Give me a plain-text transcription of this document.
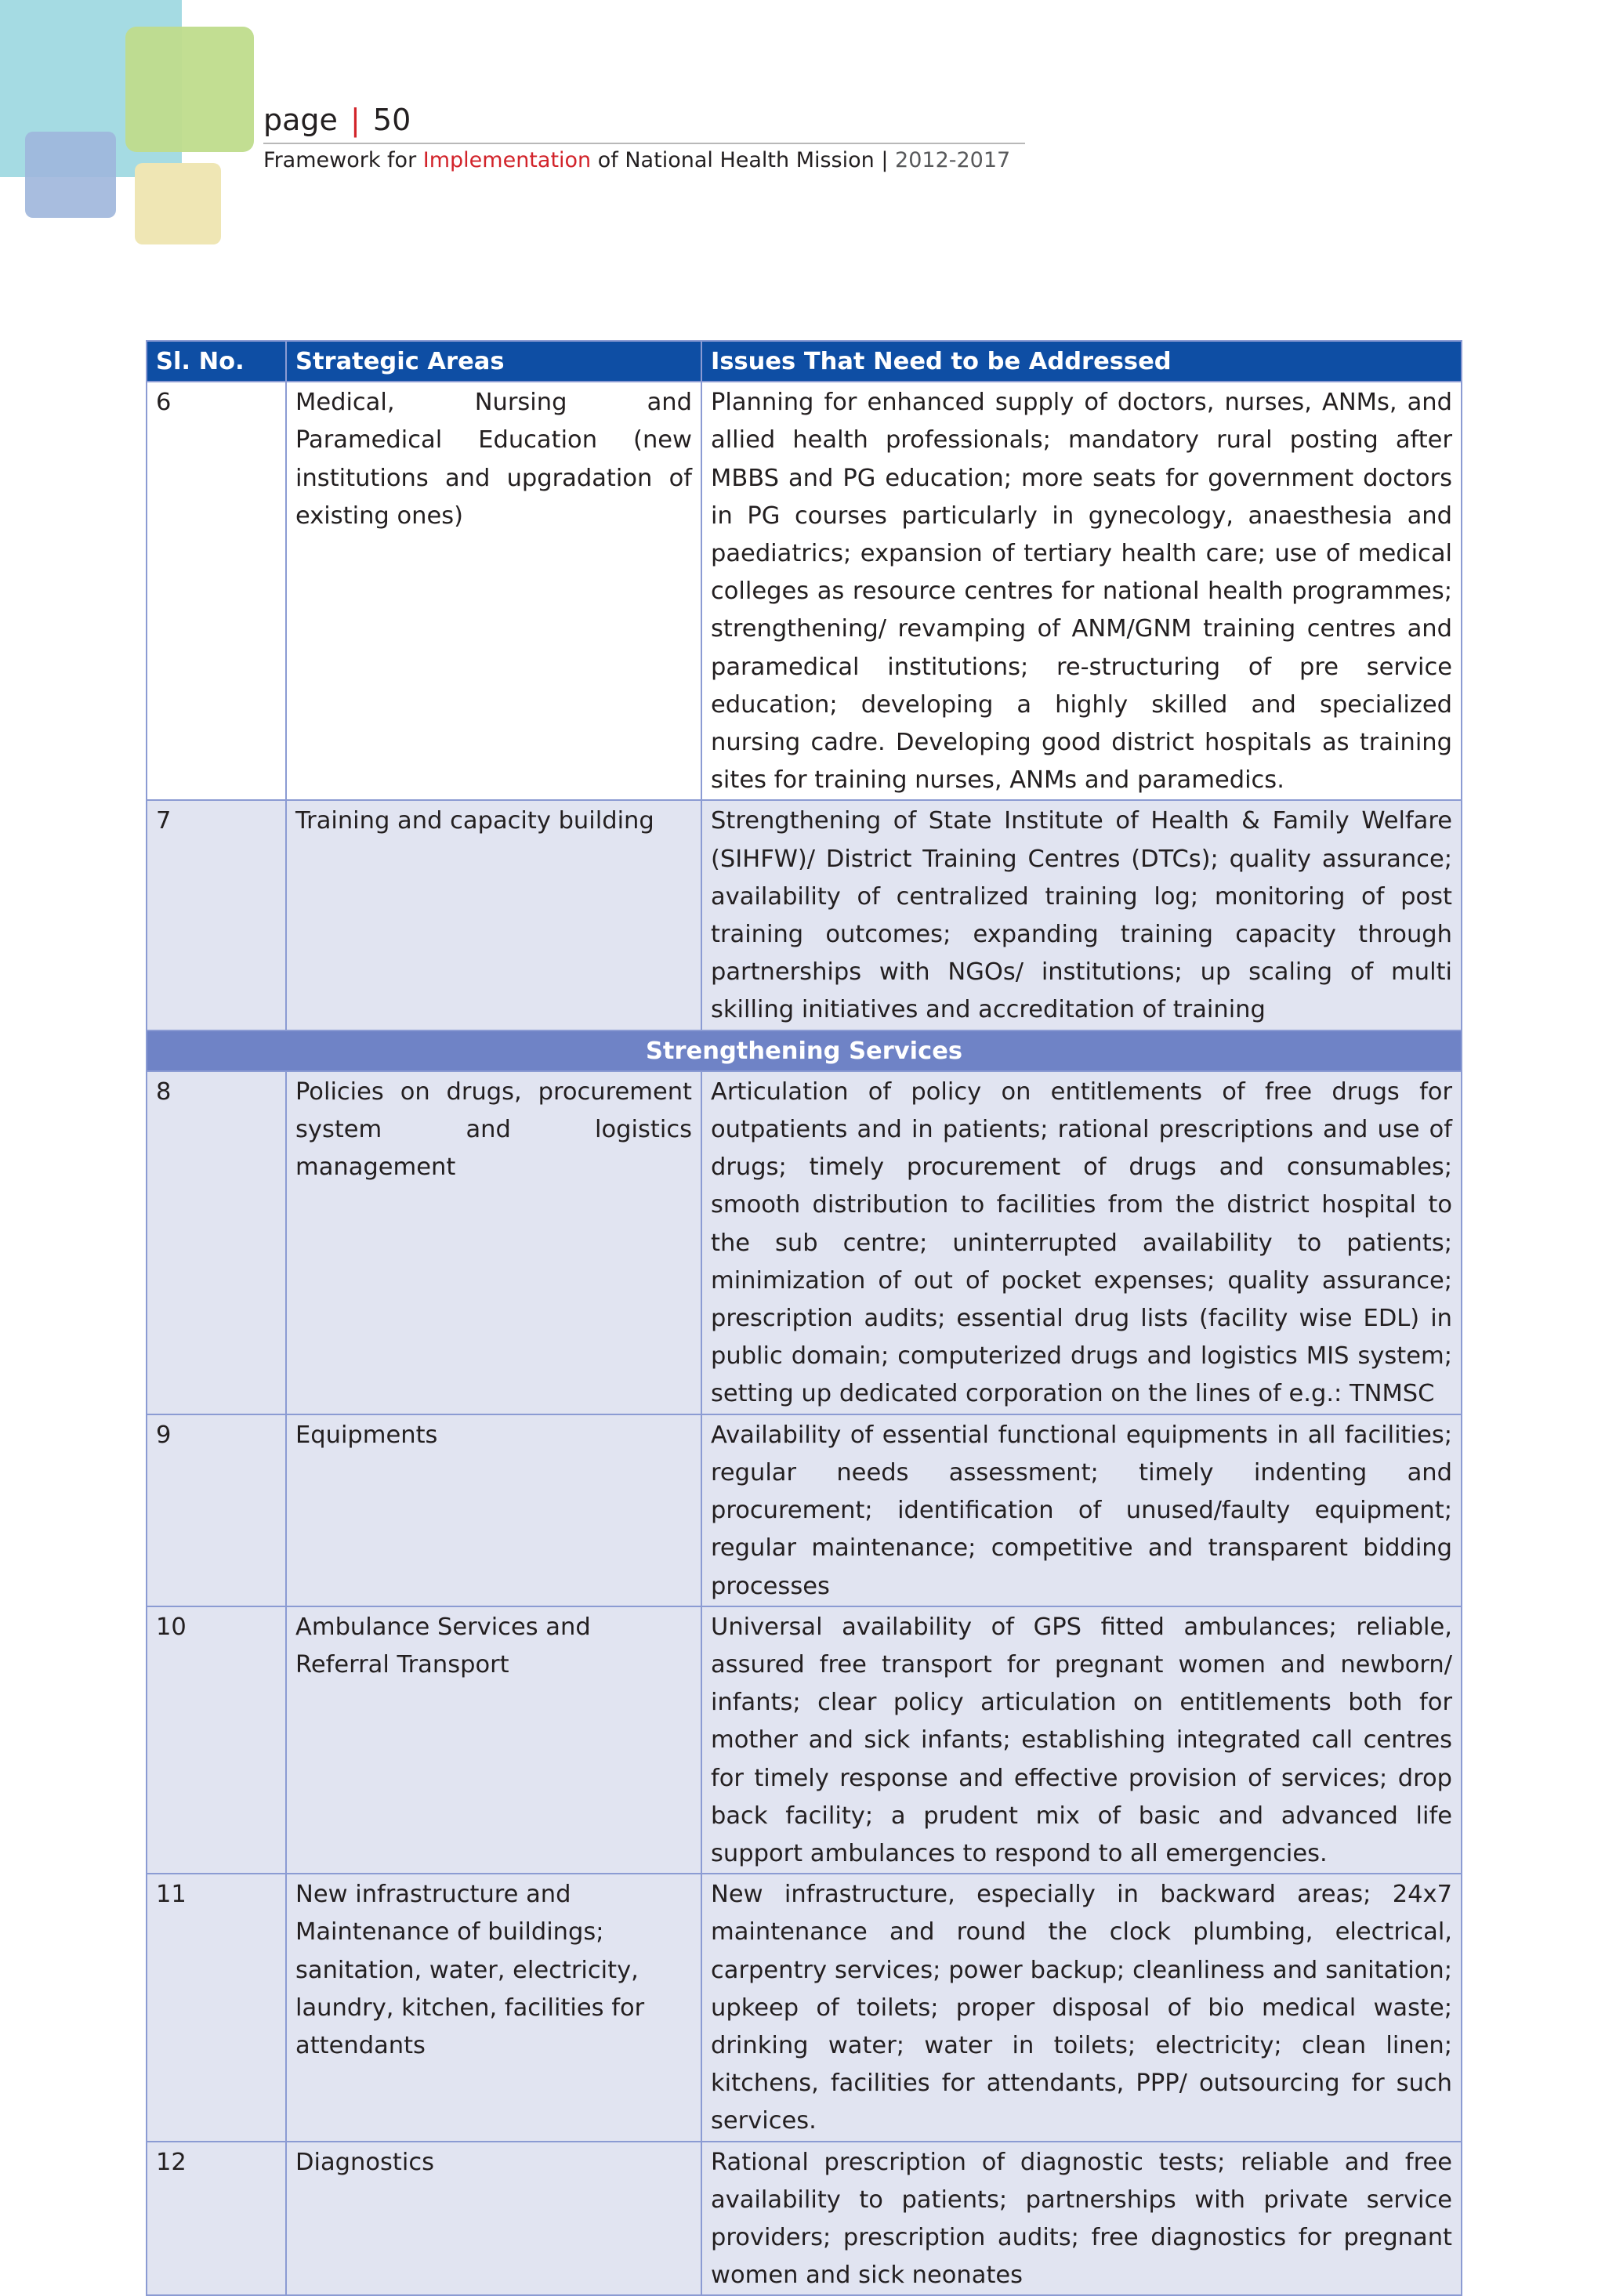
page | 50
Framework for Implementation of National Health Mission | 2012-2017
Sl. No.	Strategic Areas	Issues That Need to be Addressed
6	Medical, Nursing and Paramedical Education (new institutions and upgradation of existing ones)	Planning for enhanced supply of doctors, nurses, ANMs, and allied health professionals; mandatory rural posting after MBBS and PG education; more seats for government doctors in PG courses particularly in gynecology, anaesthesia and paediatrics; expansion of tertiary health care; use of medical colleges as resource centres for national health programmes; strengthening/ revamping of ANM/GNM training centres and paramedical institutions; re-structuring of pre service education; developing a highly skilled and specialized nursing cadre. Developing good district hospitals as training sites for training nurses, ANMs and paramedics.
7	Training and capacity building	Strengthening of State Institute of Health & Family Welfare (SIHFW)/ District Training Centres (DTCs); quality assurance; availability of centralized training log; monitoring of post training outcomes; expanding training capacity through partnerships with NGOs/ institutions; up scaling of multi skilling initiatives and accreditation of training
Strengthening Services		
8	Policies on drugs, procurement system and logistics management	Articulation of policy on entitlements of free drugs for outpatients and in patients; rational prescriptions and use of drugs; timely procurement of drugs and consumables; smooth distribution to facilities from the district hospital to the sub centre; uninterrupted availability to patients; minimization of out of pocket expenses; quality assurance; prescription audits; essential drug lists (facility wise EDL) in public domain; computerized drugs and logistics MIS system; setting up dedicated corporation on the lines of e.g.: TNMSC
9	Equipments	Availability of essential functional equipments in all facilities; regular needs assessment; timely indenting and procurement; identification of unused/faulty equipment; regular maintenance; competitive and transparent bidding processes
10	Ambulance Services and Referral Transport	Universal availability of GPS fitted ambulances; reliable, assured free transport for pregnant women and newborn/ infants; clear policy articulation on entitlements both for mother and sick infants; establishing integrated call centres for timely response and effective provision of services; drop back facility; a prudent mix of basic and advanced life support ambulances to respond to all emergencies.
11	New infrastructure and Maintenance of buildings; sanitation, water, electricity, laundry, kitchen, facilities for attendants	New infrastructure, especially in backward areas; 24x7 maintenance and round the clock plumbing, electrical, carpentry services; power backup; cleanliness and sanitation; upkeep of toilets; proper disposal of bio medical waste; drinking water; water in toilets; electricity; clean linen; kitchens, facilities for attendants, PPP/ outsourcing for such services.
12	Diagnostics	Rational prescription of diagnostic tests; reliable and free availability to patients; partnerships with private service providers; prescription audits; free diagnostics for pregnant women and sick neonates
